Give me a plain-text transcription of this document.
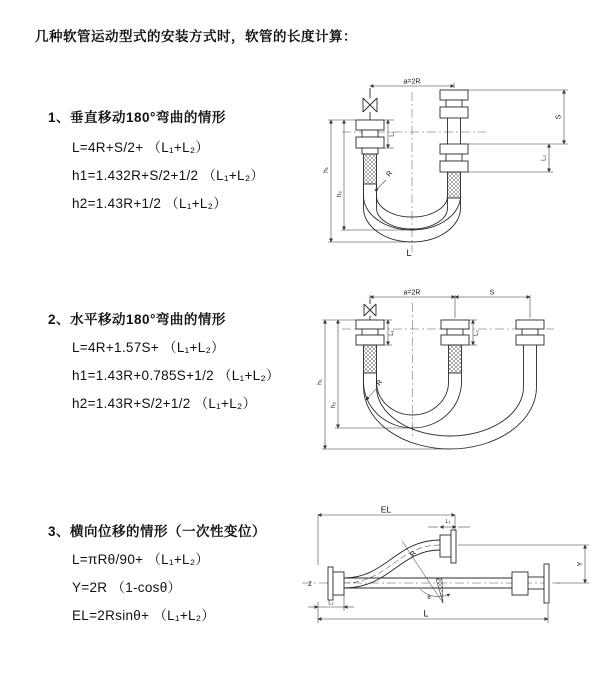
几种软管运动型式的安装方式时，软管的长度计算：
1、垂直移动180°弯曲的情形
L=4R+S/2+ （L₁+L₂）
h1=1.432R+S/2+1/2 （L₁+L₂）
h2=1.43R+1/2 （L₁+L₂）
2、水平移动180°弯曲的情形
L=4R+1.57S+ （L₁+L₂）
h1=1.43R+0.785S+1/2 （L₁+L₂）
h2=1.43R+S/2+1/2 （L₁+L₂）
3、横向位移的情形（一次性变位）
L=πRθ/90+ （L₁+L₂）
Y=2R （1-cosθ）
EL=2Rsinθ+ （L₁+L₂）
a=2R
h₁
h₂
L₁
S
L₂
R
L
a=2R	S
h₁
h₂
L₁	L₂
R
EL
L₁
Y
R
θ
L
L₂
Z
